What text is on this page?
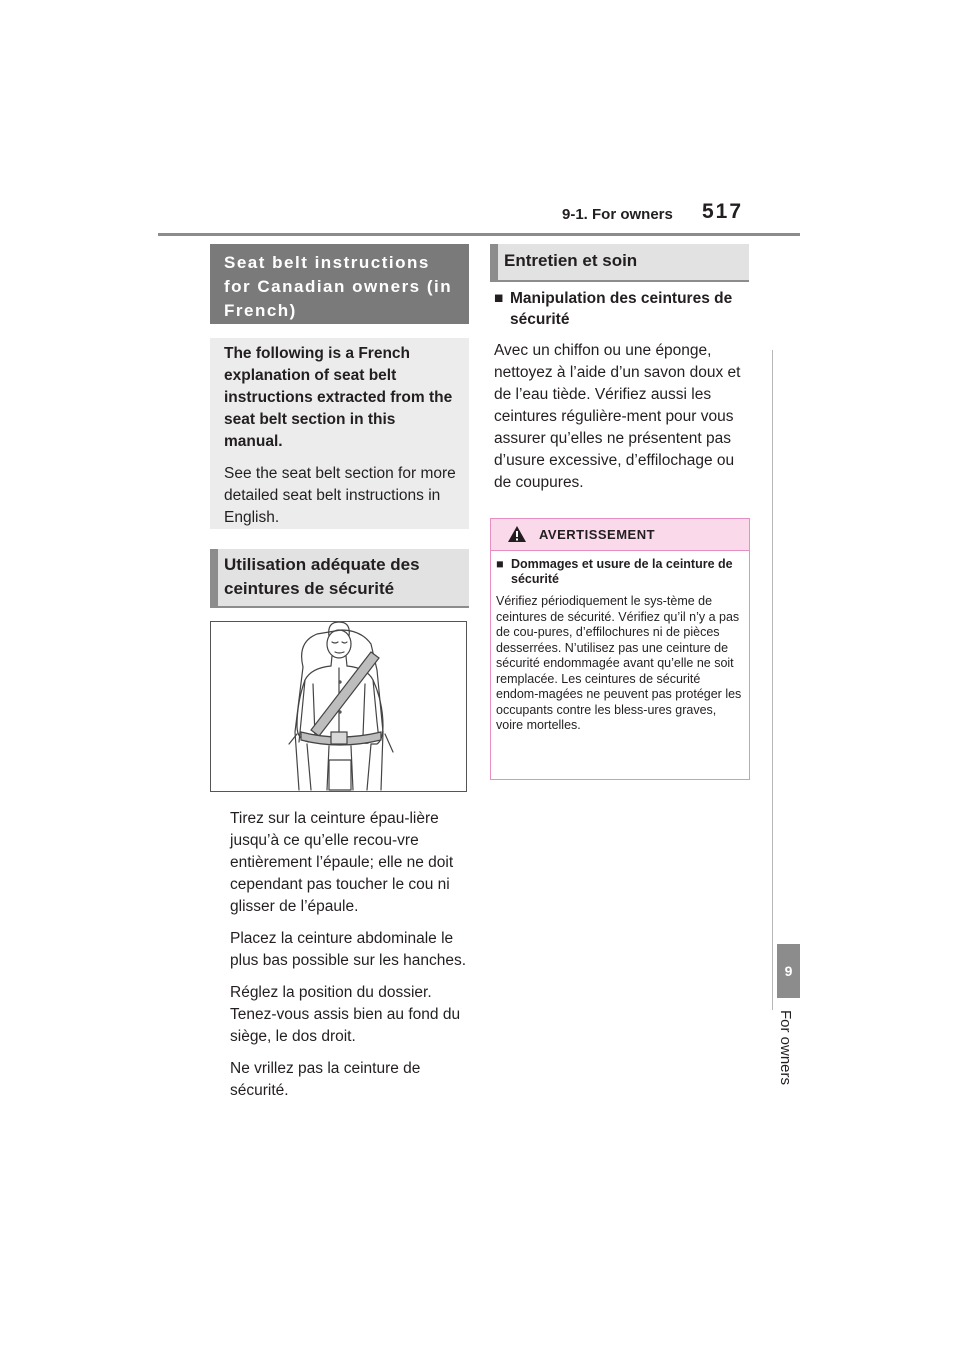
9-1. For owners 517
9
For owners
Seat belt instructions for Canadian owners (in French)

The following is a French explanation of seat belt instructions extracted from the seat belt section in this manual.

See the seat belt section for more detailed seat belt instructions in English.

Utilisation adéquate des ceintures de sécurité
Tirez sur la ceinture épau-lière jusqu’à ce qu’elle recou-vre entièrement l’épaule; elle ne doit cependant pas toucher le cou ni glisser de l’épaule.
Placez la ceinture abdominale le plus bas possible sur les hanches.
Réglez la position du dossier. Tenez-vous assis bien au fond du siège, le dos droit.
Ne vrillez pas la ceinture de sécurité.
Entretien et soin
■ Manipulation des ceintures de sécurité
Avec un chiffon ou une éponge, nettoyez à l’aide d’un savon doux et de l’eau tiède. Vérifiez aussi les ceintures régulière-ment pour vous assurer qu’elles ne présentent pas d’usure excessive, d’effilochage ou de coupures.
AVERTISSEMENT
■ Dommages et usure de la ceinture de sécurité
Vérifiez périodiquement le sys-tème de ceintures de sécurité. Vérifiez qu’il n’y a pas de cou-pures, d’effilochures ni de pièces desserrées. N’utilisez pas une ceinture de sécurité endommagée avant qu’elle ne soit remplacée. Les ceintures de sécurité endom-magées ne peuvent pas protéger les occupants contre les bless-ures graves, voire mortelles.
